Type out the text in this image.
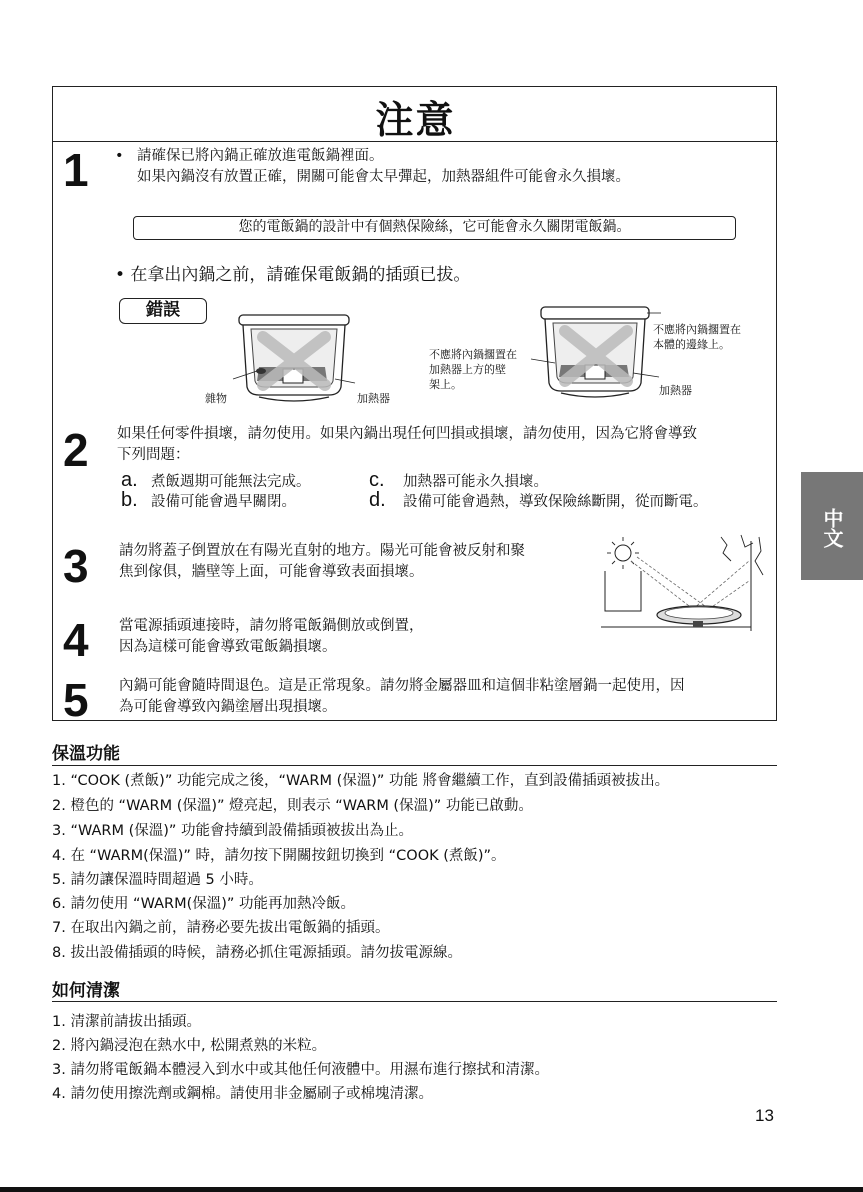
注意
1 • 請確保已將內鍋正確放進電飯鍋裡面。
如果內鍋沒有放置正確，開關可能會太早彈起，加熱器組件可能會永久損壞。
您的電飯鍋的設計中有個熱保險絲，它可能會永久關閉電飯鍋。
• 在拿出內鍋之前，請確保電飯鍋的插頭已拔。
錯誤
雜物	加熱器
不應將內鍋擱置在
加熱器上方的壁
架上。
不應將內鍋擱置在
本體的邊緣上。
加熱器
2 如果任何零件損壞，請勿使用。如果內鍋出現任何凹損或損壞，請勿使用，因為它將會導致
下列問題：
a. 煮飯週期可能無法完成。
b. 設備可能會過早關閉。
c. 加熱器可能永久損壞。
d. 設備可能會過熱，導致保險絲斷開，從而斷電。
3 請勿將蓋子倒置放在有陽光直射的地方。陽光可能會被反射和聚
焦到傢俱，牆壁等上面，可能會導致表面損壞。
4 當電源插頭連接時，請勿將電飯鍋側放或倒置，
因為這樣可能會導致電飯鍋損壞。
5 內鍋可能會隨時間退色。這是正常現象。請勿將金屬器皿和這個非粘塗層鍋一起使用，因
為可能會導致內鍋塗層出現損壞。
中文
保溫功能
1. “COOK (煮飯)” 功能完成之後，“WARM (保溫)” 功能 將會繼續工作，直到設備插頭被拔出。
2. 橙色的 “WARM (保溫)” 燈亮起，則表示 “WARM (保溫)” 功能已啟動。
3. “WARM (保溫)” 功能會持續到設備插頭被拔出為止。
4. 在 “WARM(保溫)” 時，請勿按下開關按鈕切換到 “COOK (煮飯)”。
5. 請勿讓保溫時間超過 5 小時。
6. 請勿使用 “WARM(保溫)” 功能再加熱冷飯。
7. 在取出內鍋之前，請務必要先拔出電飯鍋的插頭。
8. 拔出設備插頭的時候，請務必抓住電源插頭。請勿拔電源線。
如何清潔
1. 清潔前請拔出插頭。
2. 將內鍋浸泡在熱水中, 松開煮熟的米粒。
3. 請勿將電飯鍋本體浸入到水中或其他任何液體中。用濕布進行擦拭和清潔。
4. 請勿使用擦洗劑或鋼棉。請使用非金屬刷子或棉塊清潔。
13
